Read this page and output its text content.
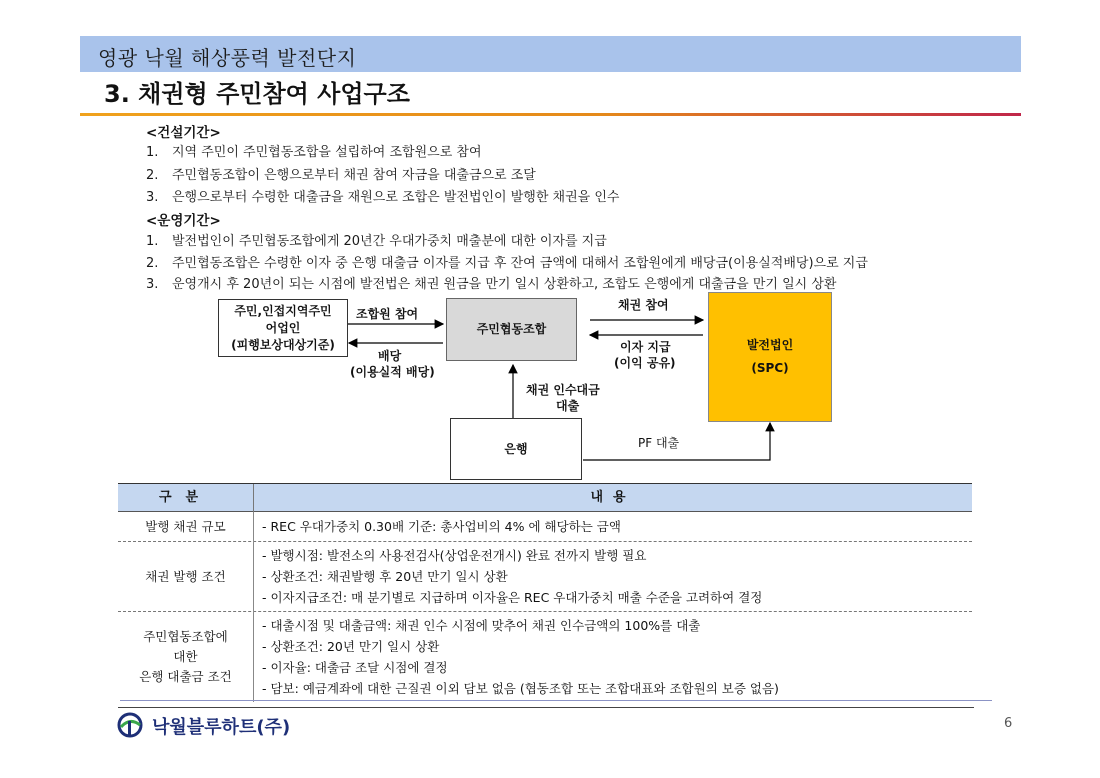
영광 낙월 해상풍력 발전단지
3. 채권형 주민참여 사업구조
<건설기간>
1. 지역 주민이 주민협동조합을 설립하여 조합원으로 참여
2. 주민협동조합이 은행으로부터 채권 참여 자금을 대출금으로 조달
3. 은행으로부터 수령한 대출금을 재원으로 조합은 발전법인이 발행한 채권을 인수
<운영기간>
1. 발전법인이 주민협동조합에게 20년간 우대가중치 매출분에 대한 이자를 지급
2. 주민협동조합은 수령한 이자 중 은행 대출금 이자를 지급 후 잔여 금액에 대해서 조합원에게 배당금(이용실적배당)으로 지급
3. 운영개시 후 20년이 되는 시점에 발전법은 채권 원금을 만기 일시 상환하고, 조합도 은행에게 대출금을 만기 일시 상환
주민,인접지역주민
어업인
(피행보상대상기준)
주민협동조합
발전법인
(SPC)
은행
조합원 참여
배당
(이용실적 배당)
채권 참여
이자 지급
(이익 공유)
채권 인수대금
대출
PF 대출
구분	내용
발행 채권 규모	- REC 우대가중치 0.30배 기준: 총사업비의 4% 에 해당하는 금액
채권 발행 조건
- 발행시점: 발전소의 사용전검사(상업운전개시) 완료 전까지 발행 필요
- 상환조건: 채권발행 후 20년 만기 일시 상환
- 이자지급조건: 매 분기별로 지급하며 이자율은 REC 우대가중치 매출 수준을 고려하여 결정
주민협동조합에
대한
은행 대출금 조건
- 대출시점 및 대출금액: 채권 인수 시점에 맞추어 채권 인수금액의 100%를 대출
- 상환조건: 20년 만기 일시 상환
- 이자율: 대출금 조달 시점에 결정
- 담보: 예금계좌에 대한 근질권 이외 담보 없음 (협동조합 또는 조합대표와 조합원의 보증 없음)
낙월블루하트(주)	6
